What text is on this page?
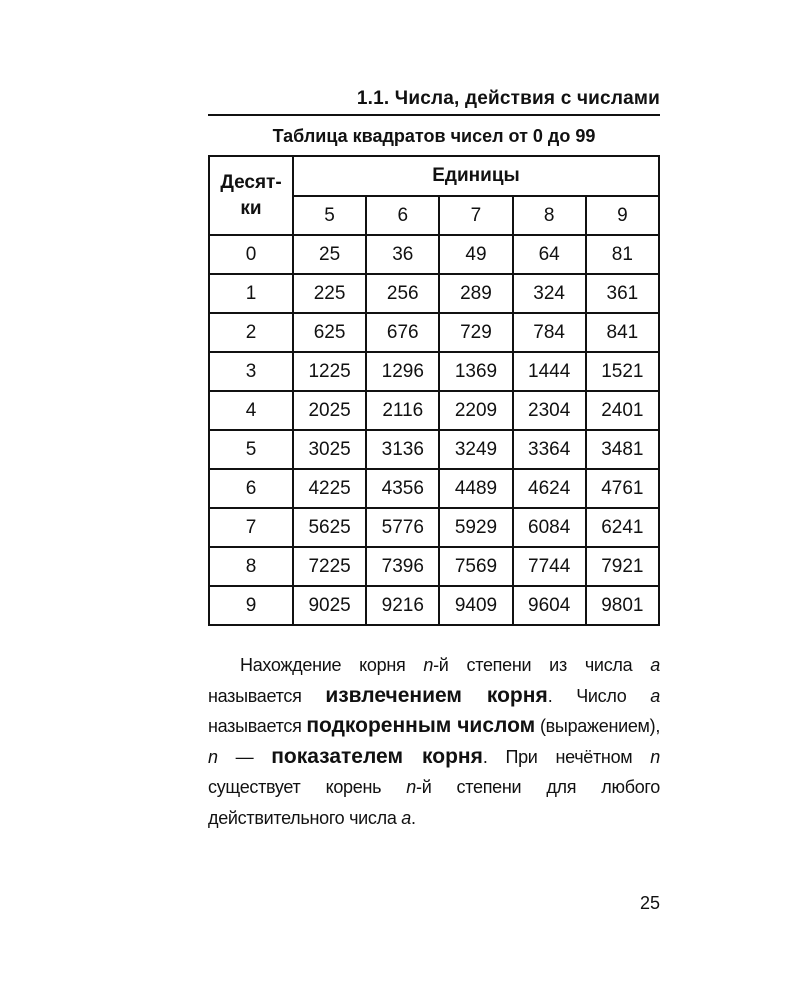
1.1. Числа, действия с числами
Таблица квадратов чисел от 0 до 99
Десят-
ки	Единицы				
	5	6	7	8	9
0	25	36	49	64	81
1	225	256	289	324	361
2	625	676	729	784	841
3	1225	1296	1369	1444	1521
4	2025	2116	2209	2304	2401
5	3025	3136	3249	3364	3481
6	4225	4356	4489	4624	4761
7	5625	5776	5929	6084	6241
8	7225	7396	7569	7744	7921
9	9025	9216	9409	9604	9801

Нахождение корня n-й степени из числа a называется извлечением корня. Число a называется подкоренным числом (выражением), n — показателем корня. При нечётном n существует корень n-й степени для любого действительного числа a.

25
